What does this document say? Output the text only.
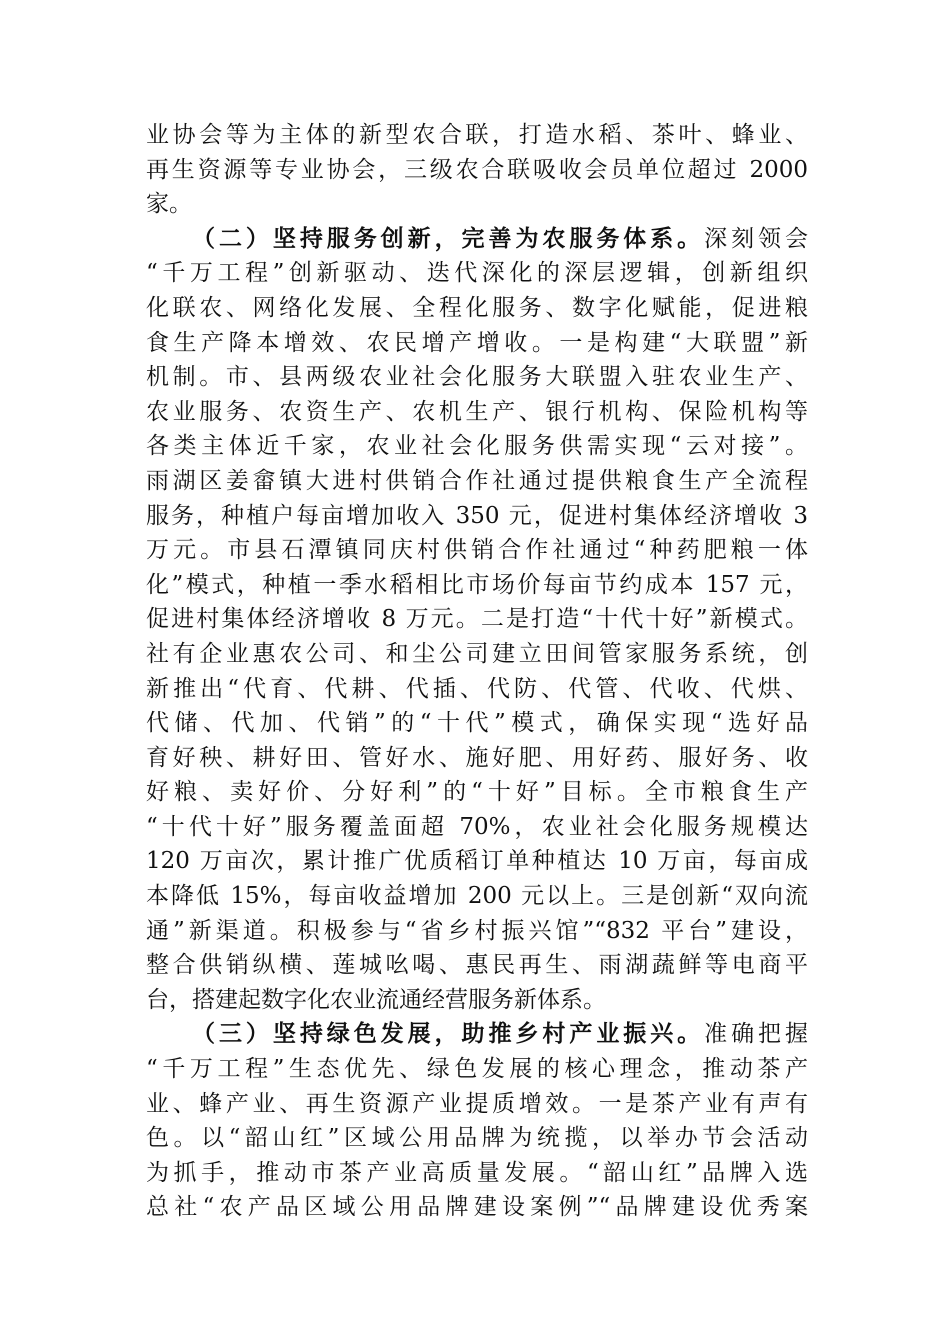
业协会等为主体的新型农合联，打造水稻、茶叶、蜂业、
再生资源等专业协会，三级农合联吸收会员单位超过 2000
家。
（二）坚持服务创新，完善为农服务体系。深刻领会
“千万工程”创新驱动、迭代深化的深层逻辑，创新组织
化联农、网络化发展、全程化服务、数字化赋能，促进粮
食生产降本增效、农民增产增收。一是构建“大联盟”新
机制。市、县两级农业社会化服务大联盟入驻农业生产、
农业服务、农资生产、农机生产、银行机构、保险机构等
各类主体近千家，农业社会化服务供需实现“云对接”。
雨湖区姜畲镇大进村供销合作社通过提供粮食生产全流程
服务，种植户每亩增加收入 350 元，促进村集体经济增收 3
万元。市县石潭镇同庆村供销合作社通过“种药肥粮一体
化”模式，种植一季水稻相比市场价每亩节约成本 157 元，
促进村集体经济增收 8 万元。二是打造“十代十好”新模式。
社有企业惠农公司、和尘公司建立田间管家服务系统，创
新推出“代育、代耕、代插、代防、代管、代收、代烘、
代储、代加、代销”的“十代”模式，确保实现“选好品
育好秧、耕好田、管好水、施好肥、用好药、服好务、收
好粮、卖好价、分好利”的“十好”目标。全市粮食生产
“十代十好”服务覆盖面超 70%，农业社会化服务规模达
120 万亩次，累计推广优质稻订单种植达 10 万亩，每亩成
本降低 15%，每亩收益增加 200 元以上。三是创新“双向流
通”新渠道。积极参与“省乡村振兴馆”“832 平台”建设，
整合供销纵横、莲城吆喝、惠民再生、雨湖蔬鲜等电商平
台，搭建起数字化农业流通经营服务新体系。
（三）坚持绿色发展，助推乡村产业振兴。准确把握
“千万工程”生态优先、绿色发展的核心理念，推动茶产
业、蜂产业、再生资源产业提质增效。一是茶产业有声有
色。以“韶山红”区域公用品牌为统揽，以举办节会活动
为抓手，推动市茶产业高质量发展。“韶山红”品牌入选
总社“农产品区域公用品牌建设案例”“品牌建设优秀案
